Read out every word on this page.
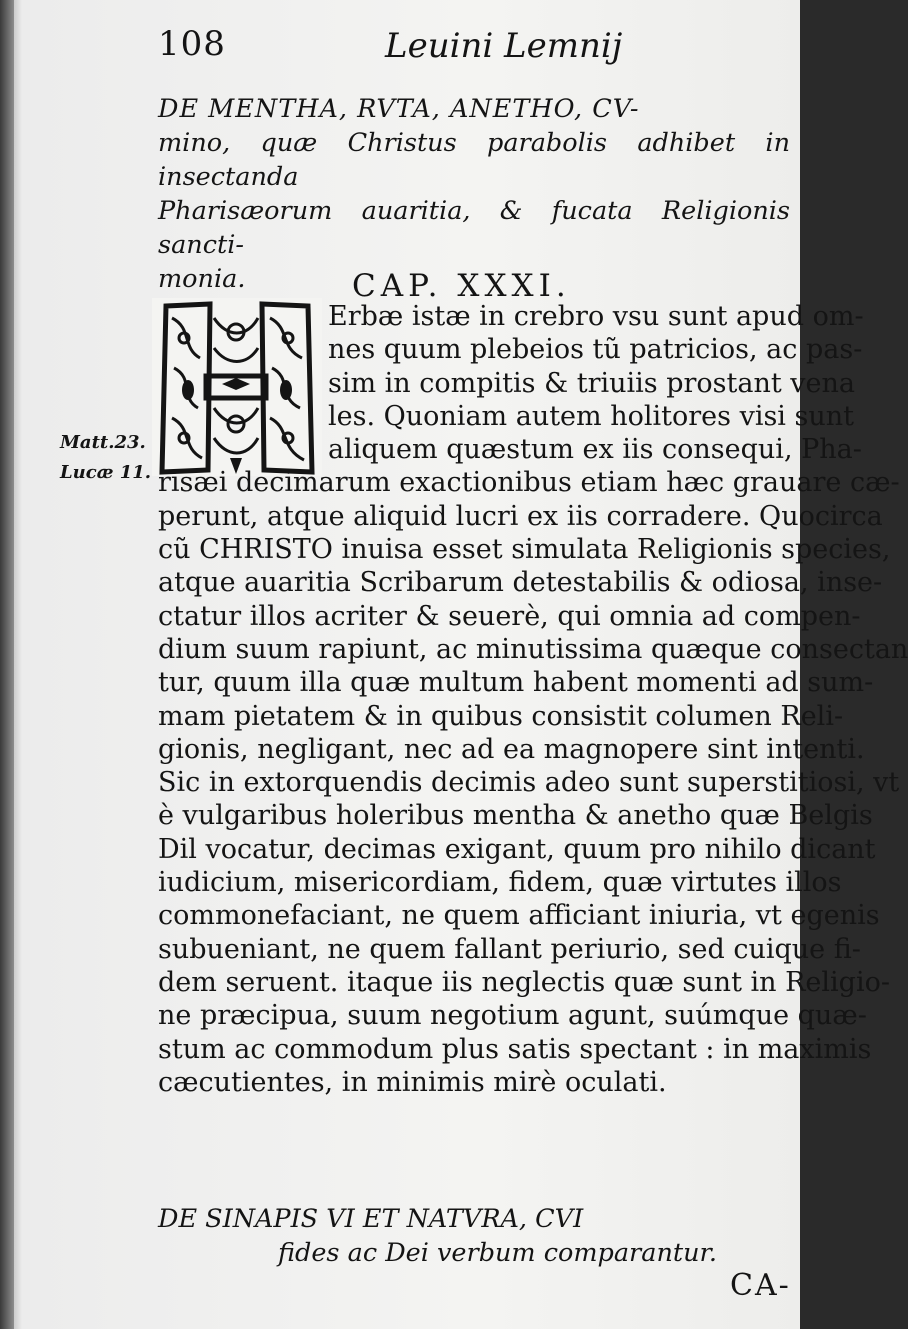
108	Leuini Lemnij
DE MENTHA, RVTA, ANETHO, CV-
mino, quæ Christus parabolis adhibet in insectanda
Pharisæorum auaritia, & fucata Religionis sancti-
monia.	CAP. XXXI.
Matt.23.
Lucæ 11.
Erbæ istæ in crebro vsu sunt apud om-
nes quum plebeios tũ patricios, ac pas-
sim in compitis & triuiis prostant vena
les. Quoniam autem holitores visi sunt
aliquem quæstum ex iis consequi, Pha-
risæi decimarum exactionibus etiam hæc grauare cæ-
perunt, atque aliquid lucri ex iis corradere. Quocirca
cũ CHRISTO inuisa esset simulata Religionis species,
atque auaritia Scribarum detestabilis & odiosa, inse-
ctatur illos acriter & seuerè, qui omnia ad compen-
dium suum rapiunt, ac minutissima quæque consectan
tur, quum illa quæ multum habent momenti ad sum-
mam pietatem & in quibus consistit columen Reli-
gionis, negligant, nec ad ea magnopere sint intenti.
Sic in extorquendis decimis adeo sunt superstitiosi, vt
è vulgaribus holeribus mentha & anetho quæ Belgis
Dil vocatur, decimas exigant, quum pro nihilo dicant
iudicium, misericordiam, fidem, quæ virtutes illos
commonefaciant, ne quem afficiant iniuria, vt egenis
subueniant, ne quem fallant periurio, sed cuique fi-
dem seruent. itaque iis neglectis quæ sunt in Religio-
ne præcipua, suum negotium agunt, suúmque quæ-
stum ac commodum plus satis spectant : in maximis
cæcutientes, in minimis mirè oculati.
DE SINAPIS VI ET NATVRA, CVI
fides ac Dei verbum comparantur.
CA-
